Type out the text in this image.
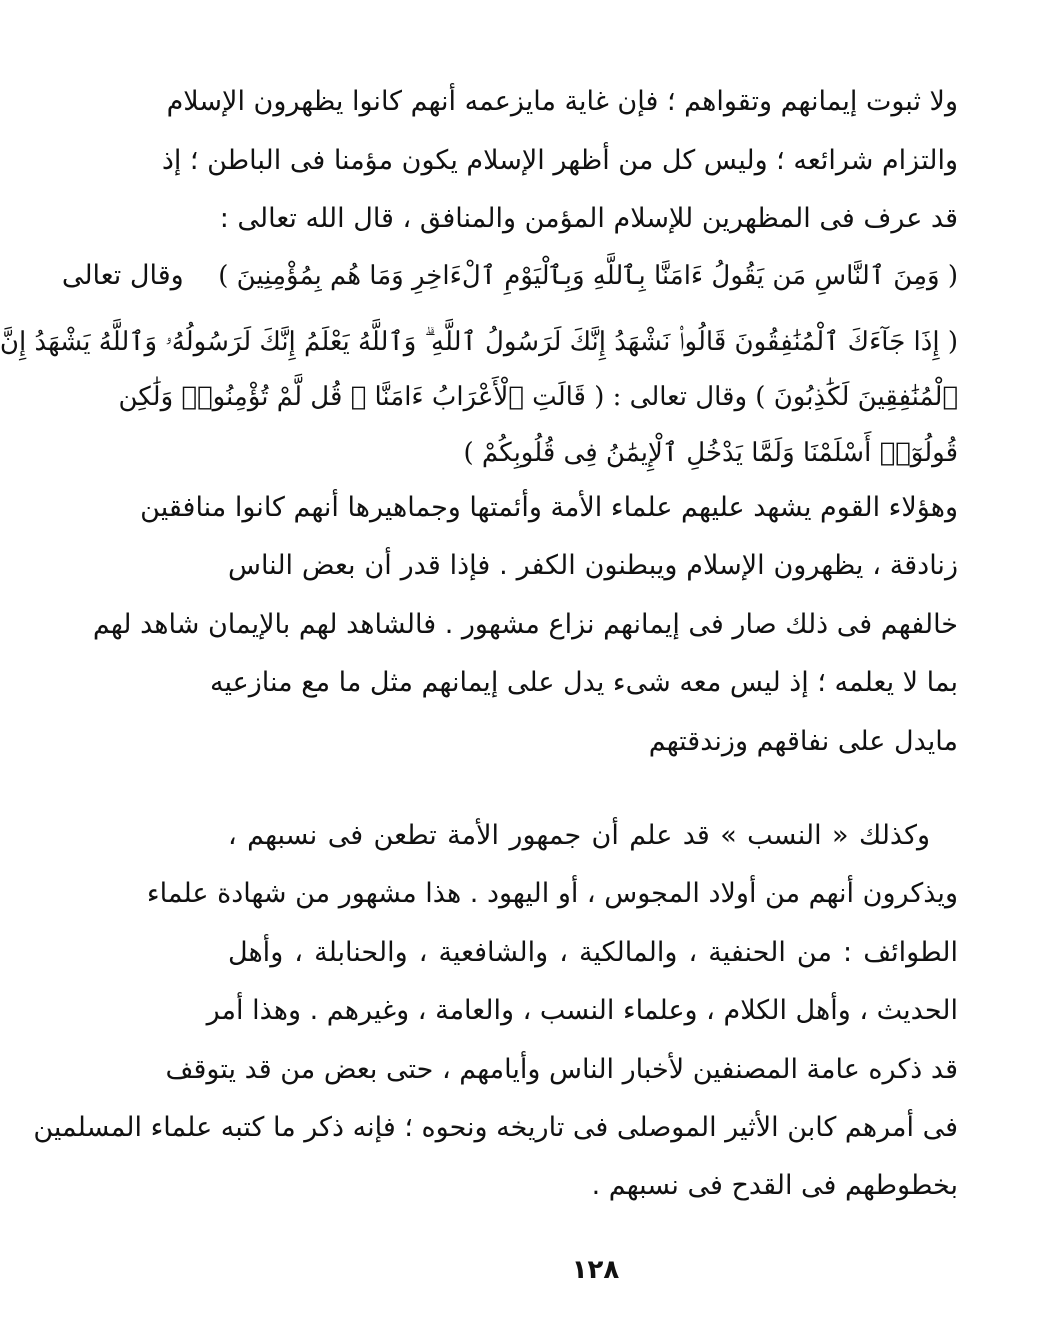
ولا ثبوت إيمانهم وتقواهم ؛ فإن غاية مايزعمه أنهم كانوا يظهرون الإسلام
والتزام شرائعه ؛ وليس كل من أظهر الإسلام يكون مؤمنا فى الباطن ؛ إذ
قد عرف فى المظهرين للإسلام المؤمن والمنافق ، قال الله تعالى :
( وَمِنَ ٱلنَّاسِ مَن يَقُولُ ءَامَنَّا بِٱللَّهِ وَبِٱلْيَوْمِ ٱلْءَاخِرِ وَمَا هُم بِمُؤْمِنِينَ )  وقال تعالى
( إِذَا جَآءَكَ ٱلْمُنَٰفِقُونَ قَالُوا۟ نَشْهَدُ إِنَّكَ لَرَسُولُ ٱللَّهِ ۗ وَٱللَّهُ يَعْلَمُ إِنَّكَ لَرَسُولُهُۥ وَٱللَّهُ يَشْهَدُ إِنَّ
ٱلْمُنَٰفِقِينَ لَكَٰذِبُونَ ) وقال تعالى : ( قَالَتِ ٱلْأَعْرَابُ ءَامَنَّا ۖ قُل لَّمْ تُؤْمِنُوا۟ وَلَٰكِن
قُولُوٓا۟ أَسْلَمْنَا وَلَمَّا يَدْخُلِ ٱلْإِيمَٰنُ فِى قُلُوبِكُمْ )
وهؤلاء القوم يشهد عليهم علماء الأمة وأئمتها وجماهيرها أنهم كانوا منافقين
زنادقة ، يظهرون الإسلام ويبطنون الكفر . فإذا قدر أن بعض الناس
خالفهم فى ذلك صار فى إيمانهم نزاع مشهور . فالشاهد لهم بالإيمان شاهد لهم
بما لا يعلمه ؛ إذ ليس معه شىء يدل على إيمانهم مثل ما مع منازعيه
مايدل على نفاقهم وزندقتهم
وكذلك « النسب » قد علم أن جمهور الأمة تطعن فى نسبهم ،
ويذكرون أنهم من أولاد المجوس ، أو اليهود . هذا مشهور من شهادة علماء
الطوائف : من الحنفية ، والمالكية ، والشافعية ، والحنابلة ، وأهل
الحديث ، وأهل الكلام ، وعلماء النسب ، والعامة ، وغيرهم . وهذا أمر
قد ذكره عامة المصنفين لأخبار الناس وأيامهم ، حتى بعض من قد يتوقف
فى أمرهم كابن الأثير الموصلى فى تاريخه ونحوه ؛ فإنه ذكر ما كتبه علماء المسلمين
بخطوطهم فى القدح فى نسبهم .
١٢٨
